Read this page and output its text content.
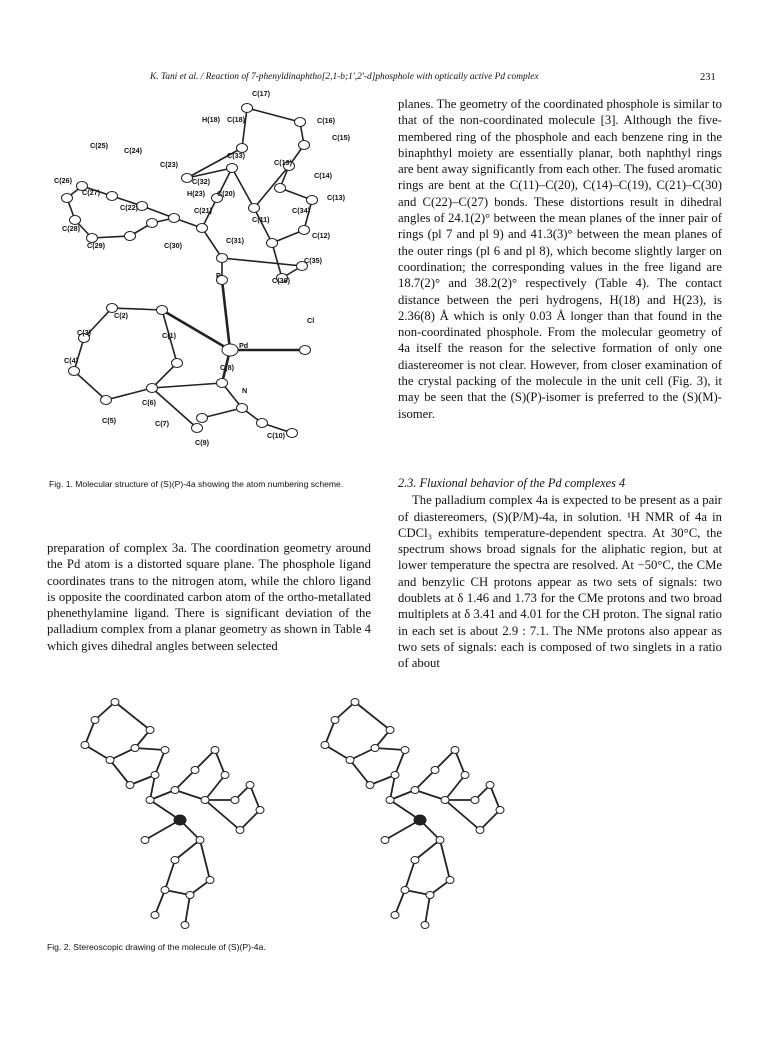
K. Tani et al. / Reaction of 7-phenyldinaphtho[2,1-b;1′,2′-d]phosphole with optically active Pd complex	231
C(17)
C(16)
H(18) C(18)
C(15)
C(25)
C(24)
C(33)
C(19)
C(23)
C(32)
C(26)
C(14)
C(27)	H(23) C(20)	C(13)
C(22)	C(34)
C(21)
C(11)
C(28)
C(31)
C(12)
C(29)	C(30)
C(35)
P
C(36)
C(2)
Cl
C(3)	C(1)
Pd
C(4)
C(8)
N
C(6)
C(5)	C(7)
C(9)
C(10)
Fig. 1. Molecular structure of (S)(P)-4a showing the atom numbering scheme.

preparation of complex 3a. The coordination geometry around the Pd atom is a distorted square plane. The phosphole ligand coordinates trans to the nitrogen atom, while the chloro ligand is opposite the coordinated carbon atom of the ortho-metallated phenethylamine ligand. There is significant deviation of the palladium complex from a planar geometry as shown in Table 4 which gives dihedral angles between selected

planes. The geometry of the coordinated phosphole is similar to that of the non-coordinated molecule [3]. Although the five-membered ring of the phosphole and each benzene ring in the binaphthyl moiety are essentially planar, both naphthyl rings are bent away significantly from each other. The fused aromatic rings are bent at the C(11)–C(20), C(14)–C(19), C(21)–C(30) and C(22)–C(27) bonds. These distortions result in dihedral angles of 24.1(2)° between the mean planes of the inner pair of rings (pl 7 and pl 9) and 41.3(3)° between the mean planes of the outer rings (pl 6 and pl 8), which become slightly larger on coordination; the corresponding values in the free ligand are 18.7(2)° and 38.2(2)° respectively (Table 4). The contact distance between the peri hydrogens, H(18) and H(23), is 2.36(8) Å which is only 0.03 Å longer than that found in the non-coordinated phosphole. From the molecular geometry of 4a itself the reason for the selective formation of only one diastereomer is not clear. However, from closer examination of the crystal packing of the molecule in the unit cell (Fig. 3), it may be seen that the (S)(P)-isomer is preferred to the (S)(M)-isomer.

2.3. Fluxional behavior of the Pd complexes 4

The palladium complex 4a is expected to be present as a pair of diastereomers, (S)(P/M)-4a, in solution. ¹H NMR of 4a in CDCl₃ exhibits temperature-dependent spectra. At 30°C, the spectrum shows broad signals for the aliphatic region, but at lower temperature the spectra are resolved. At −50°C, the CMe and benzylic CH protons appear as two sets of signals: two doublets at δ 1.46 and 1.73 for the CMe protons and two broad multiplets at δ 3.41 and 4.01 for the CH proton. The signal ratio in each set is about 2.9 : 7.1. The NMe protons also appear as two sets of signals: each is composed of two singlets in a ratio of about

Fig. 2. Stereoscopic drawing of the molecule of (S)(P)-4a.
